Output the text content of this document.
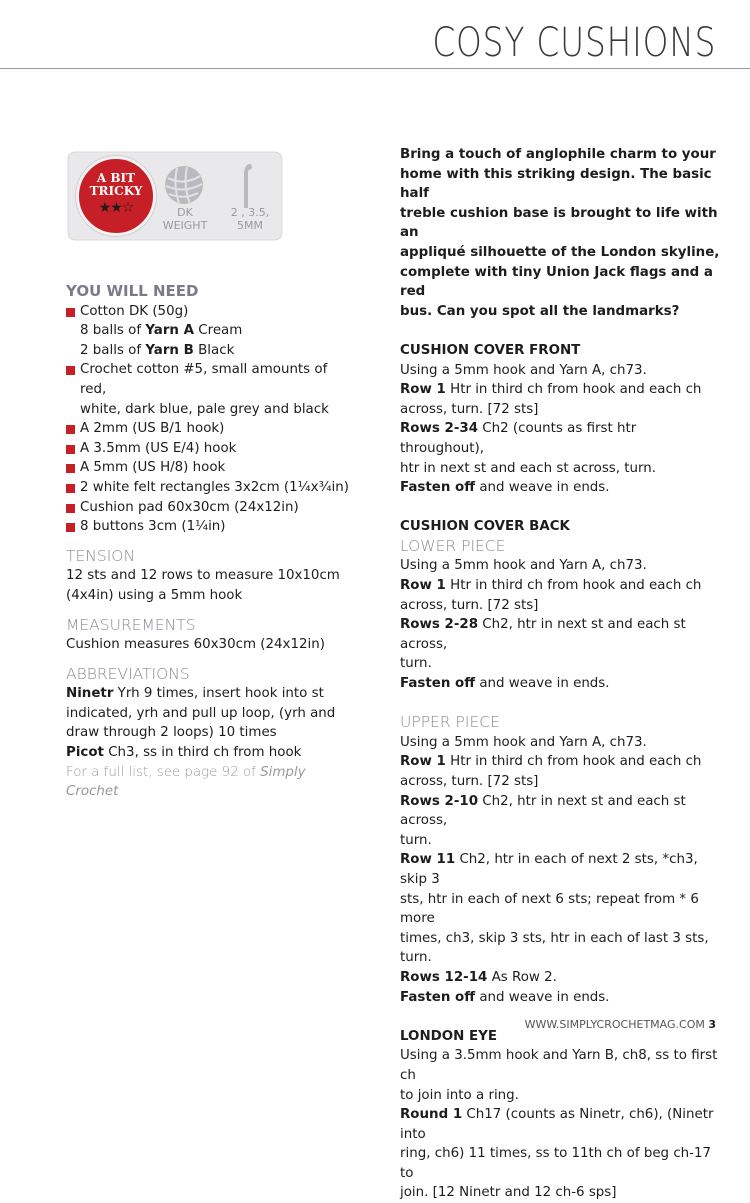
COSY CUSHIONS
A BIT
TRICKY
★★☆	DK
WEIGHT
2 , 3.5,
5MM
YOU WILL NEED
Cotton DK (50g)
8 balls of Yarn A Cream
2 balls of Yarn B Black
Crochet cotton #5, small amounts of red,
white, dark blue, pale grey and black
A 2mm (US B/1 hook)
A 3.5mm (US E/4) hook
A 5mm (US H/8) hook
2 white felt rectangles 3x2cm (1¼x¾in)
Cushion pad 60x30cm (24x12in)
8 buttons 3cm (1¼in)
TENSION

12 sts and 12 rows to measure 10x10cm

(4x4in) using a 5mm hook

MEASUREMENTS

Cushion measures 60x30cm (24x12in)

ABBREVIATIONS

Ninetr Yrh 9 times, insert hook into st

indicated, yrh and pull up loop, (yrh and

draw through 2 loops) 10 times

Picot Ch3, ss in third ch from hook

For a full list, see page 92 of Simply Crochet

Bring a touch of anglophile charm to your

home with this striking design. The basic half

treble cushion base is brought to life with an

appliqué silhouette of the London skyline,

complete with tiny Union Jack flags and a red

bus. Can you spot all the landmarks?

CUSHION COVER FRONT

Using a 5mm hook and Yarn A, ch73.

Row 1 Htr in third ch from hook and each ch

across, turn. [72 sts]

Rows 2-34 Ch2 (counts as first htr throughout),

htr in next st and each st across, turn.

Fasten off and weave in ends.

CUSHION COVER BACK
LOWER PIECE

Using a 5mm hook and Yarn A, ch73.

Row 1 Htr in third ch from hook and each ch

across, turn. [72 sts]

Rows 2-28 Ch2, htr in next st and each st across,

turn.

Fasten off and weave in ends.

UPPER PIECE

Using a 5mm hook and Yarn A, ch73.

Row 1 Htr in third ch from hook and each ch

across, turn. [72 sts]

Rows 2-10 Ch2, htr in next st and each st across,

turn.

Row 11 Ch2, htr in each of next 2 sts, *ch3, skip 3

sts, htr in each of next 6 sts; repeat from * 6 more

times, ch3, skip 3 sts, htr in each of last 3 sts, turn.

Rows 12-14 As Row 2.

Fasten off and weave in ends.

LONDON EYE

Using a 3.5mm hook and Yarn B, ch8, ss to first ch

to join into a ring.

Round 1 Ch17 (counts as Ninetr, ch6), (Ninetr into

ring, ch6) 11 times, ss to 11th ch of beg ch-17 to

join. [12 Ninetr and 12 ch-6 sps]

WWW.SIMPLYCROCHETMAG.COM 3
